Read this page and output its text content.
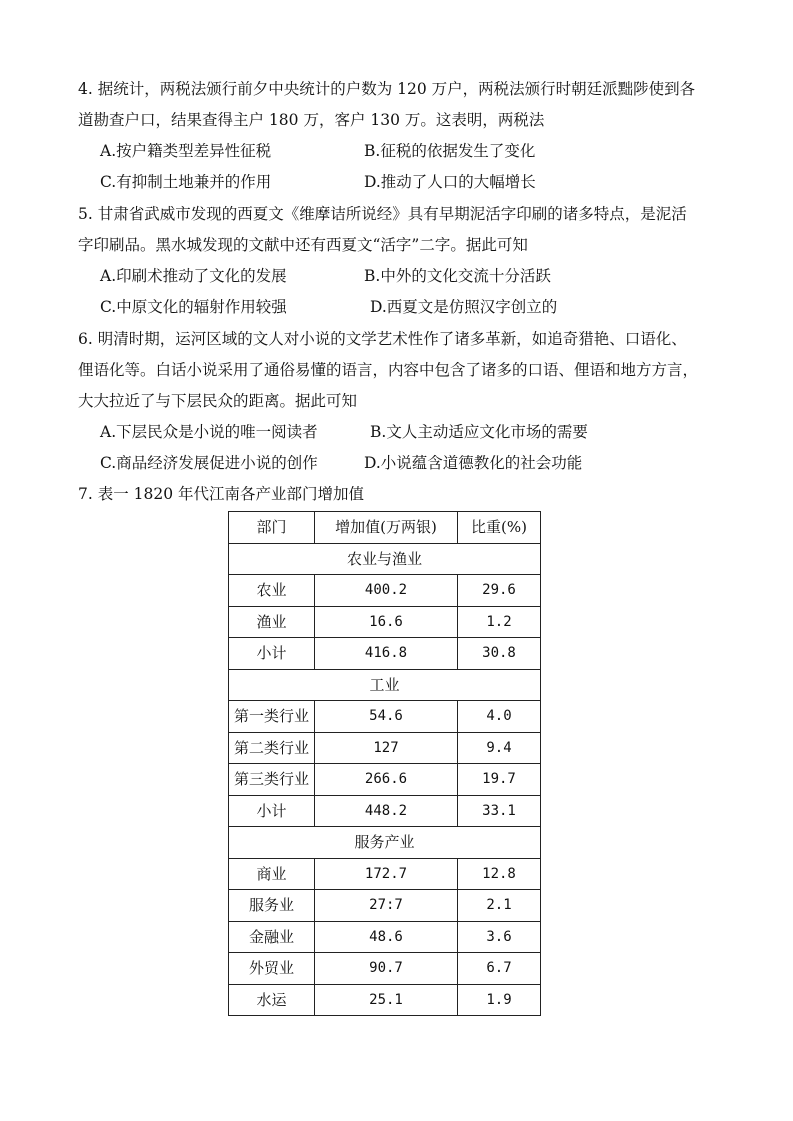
4. 据统计，两税法颁行前夕中央统计的户数为 120 万户，两税法颁行时朝廷派黜陟使到各
道勘查户口，结果查得主户 180 万，客户 130 万。这表明，两税法
A.按户籍类型差异性征税	B.征税的依据发生了变化
C.有抑制土地兼并的作用	D.推动了人口的大幅增长
5. 甘肃省武威市发现的西夏文《维摩诘所说经》具有早期泥活字印刷的诸多特点，是泥活
字印刷品。黑水城发现的文献中还有西夏文“活字”二字。据此可知
A.印刷术推动了文化的发展	B.中外的文化交流十分活跃
C.中原文化的辐射作用较强	D.西夏文是仿照汉字创立的
6. 明清时期，运河区域的文人对小说的文学艺术性作了诸多革新，如追奇猎艳、口语化、
俚语化等。白话小说采用了通俗易懂的语言，内容中包含了诸多的口语、俚语和地方方言，
大大拉近了与下层民众的距离。据此可知
A.下层民众是小说的唯一阅读者	B.文人主动适应文化市场的需要
C.商品经济发展促进小说的创作	D.小说蕴含道德教化的社会功能
7. 表一 1820 年代江南各产业部门增加值
部门	增加值(万两银)	比重(%)
农业与渔业		
农业	400.2	29.6
渔业	16.6	1.2
小计	416.8	30.8
工业		
第一类行业	54.6	4.0
第二类行业	127	9.4
第三类行业	266.6	19.7
小计	448.2	33.1
服务产业		
商业	172.7	12.8
服务业	27:7	2.1
金融业	48.6	3.6
外贸业	90.7	6.7
水运	25.1	1.9
